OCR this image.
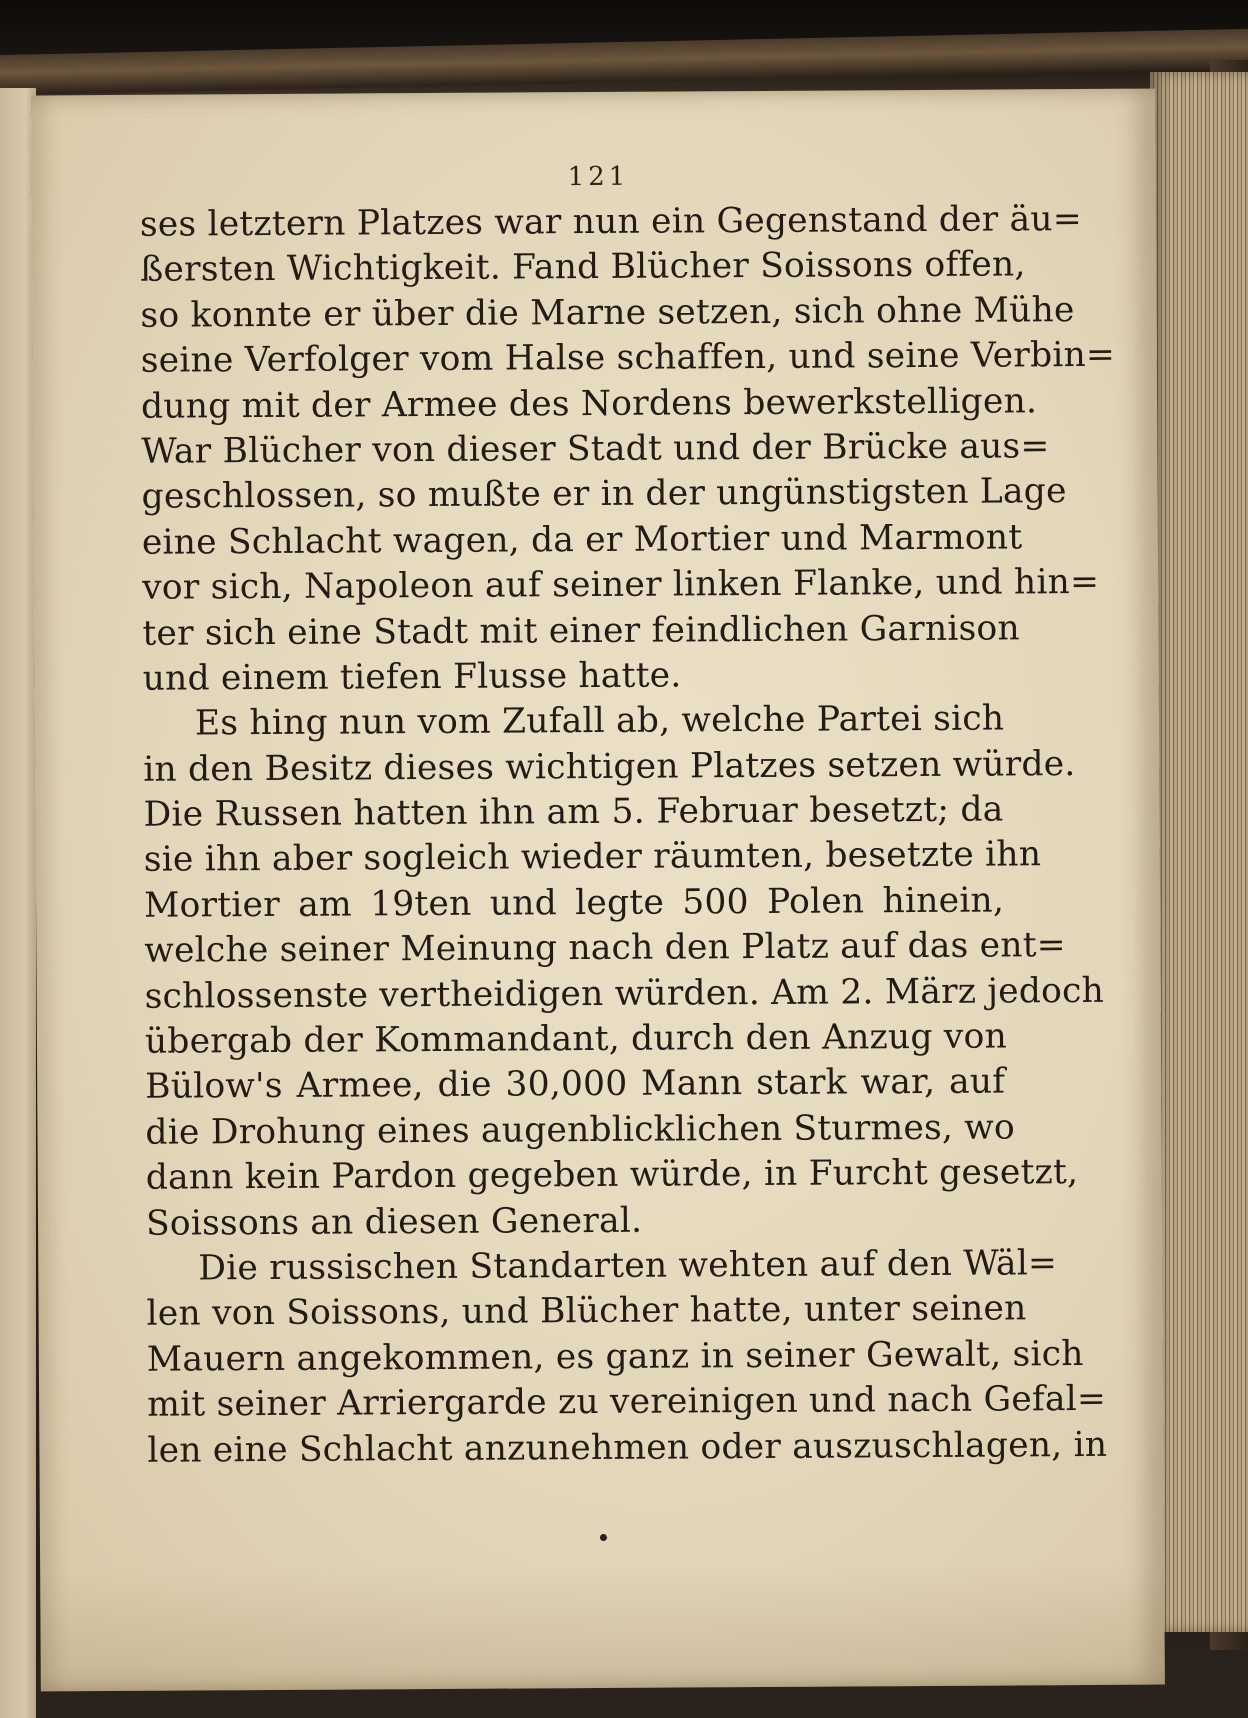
121
ses letztern Platzes war nun ein Gegenstand der äu=
ßersten Wichtigkeit. Fand Blücher Soissons offen,
so konnte er über die Marne setzen, sich ohne Mühe
seine Verfolger vom Halse schaffen, und seine Verbin=
dung mit der Armee des Nordens bewerkstelligen.
War Blücher von dieser Stadt und der Brücke aus=
geschlossen, so mußte er in der ungünstigsten Lage
eine Schlacht wagen, da er Mortier und Marmont
vor sich, Napoleon auf seiner linken Flanke, und hin=
ter sich eine Stadt mit einer feindlichen Garnison
und einem tiefen Flusse hatte.
Es hing nun vom Zufall ab, welche Partei sich
in den Besitz dieses wichtigen Platzes setzen würde.
Die Russen hatten ihn am 5. Februar besetzt; da
sie ihn aber sogleich wieder räumten, besetzte ihn
Mortier am 19ten und legte 500 Polen hinein,
welche seiner Meinung nach den Platz auf das ent=
schlossenste vertheidigen würden. Am 2. März jedoch
übergab der Kommandant, durch den Anzug von
Bülow's Armee, die 30,000 Mann stark war, auf
die Drohung eines augenblicklichen Sturmes, wo
dann kein Pardon gegeben würde, in Furcht gesetzt,
Soissons an diesen General.
Die russischen Standarten wehten auf den Wäl=
len von Soissons, und Blücher hatte, unter seinen
Mauern angekommen, es ganz in seiner Gewalt, sich
mit seiner Arriergarde zu vereinigen und nach Gefal=
len eine Schlacht anzunehmen oder auszuschlagen, in
